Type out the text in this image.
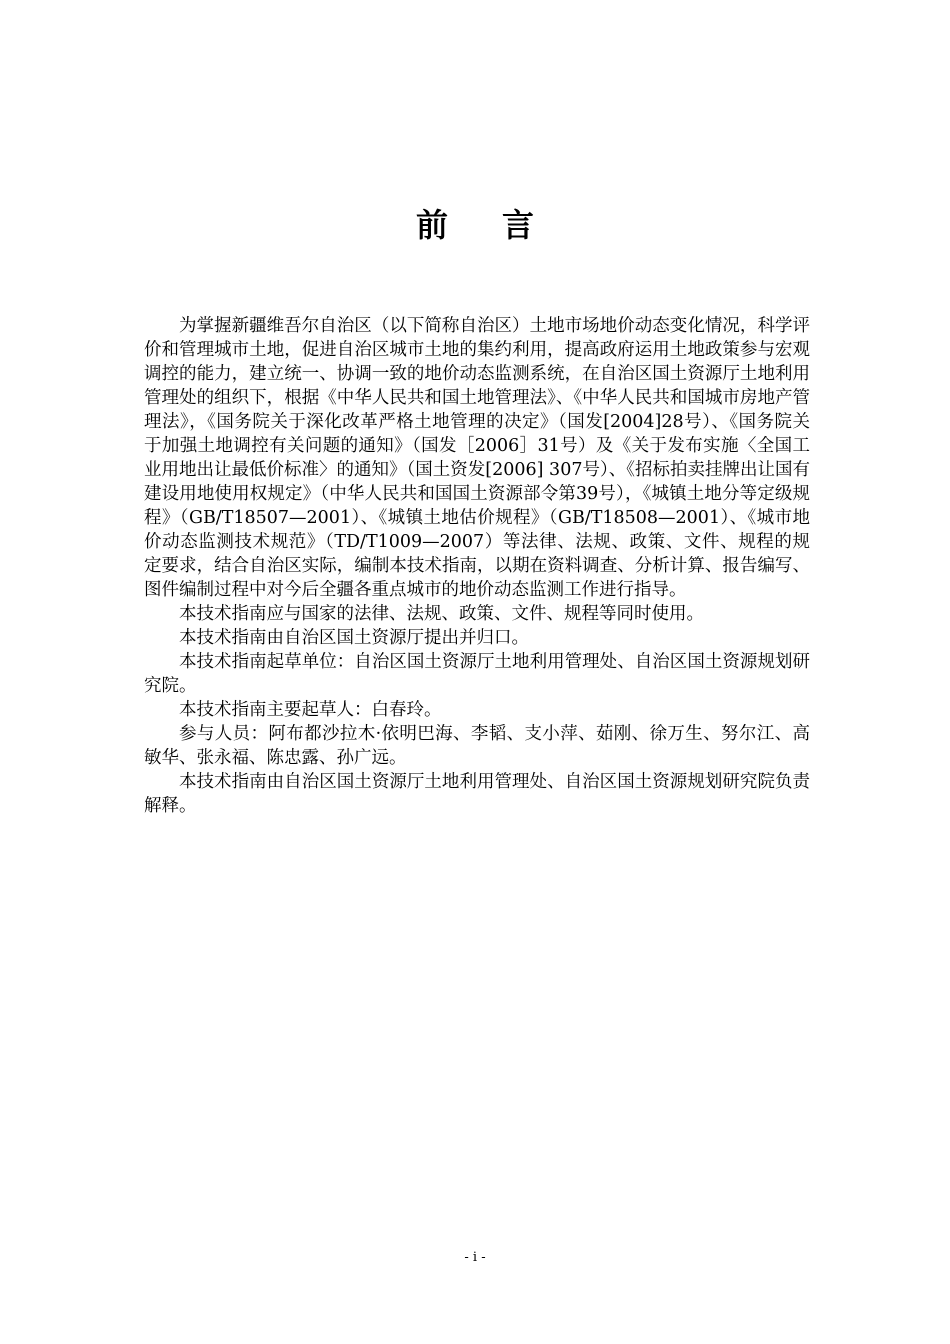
前言

为掌握新疆维吾尔自治区（以下简称自治区）土地市场地价动态变化情况，科学评价和管理城市土地，促进自治区城市土地的集约利用，提高政府运用土地政策参与宏观调控的能力，建立统一、协调一致的地价动态监测系统，在自治区国土资源厅土地利用管理处的组织下，根据《中华人民共和国土地管理法》、《中华人民共和国城市房地产管理法》，《国务院关于深化改革严格土地管理的决定》（国发[2004]28号）、《国务院关于加强土地调控有关问题的通知》（国发［2006］31号）及《关于发布实施〈全国工业用地出让最低价标准〉的通知》（国土资发[2006] 307号）、《招标拍卖挂牌出让国有建设用地使用权规定》（中华人民共和国国土资源部令第39号），《城镇土地分等定级规程》（GB/T18507—2001）、《城镇土地估价规程》（GB/T18508—2001）、《城市地价动态监测技术规范》（TD/T1009—2007）等法律、法规、政策、文件、规程的规定要求，结合自治区实际，编制本技术指南，以期在资料调查、分析计算、报告编写、图件编制过程中对今后全疆各重点城市的地价动态监测工作进行指导。

本技术指南应与国家的法律、法规、政策、文件、规程等同时使用。

本技术指南由自治区国土资源厅提出并归口。

本技术指南起草单位：自治区国土资源厅土地利用管理处、自治区国土资源规划研究院。

本技术指南主要起草人：白春玲。

参与人员：阿布都沙拉木·依明巴海、李韬、支小萍、茹刚、徐万生、努尔江、高敏华、张永福、陈忠露、孙广远。

本技术指南由自治区国土资源厅土地利用管理处、自治区国土资源规划研究院负责解释。

- i -
